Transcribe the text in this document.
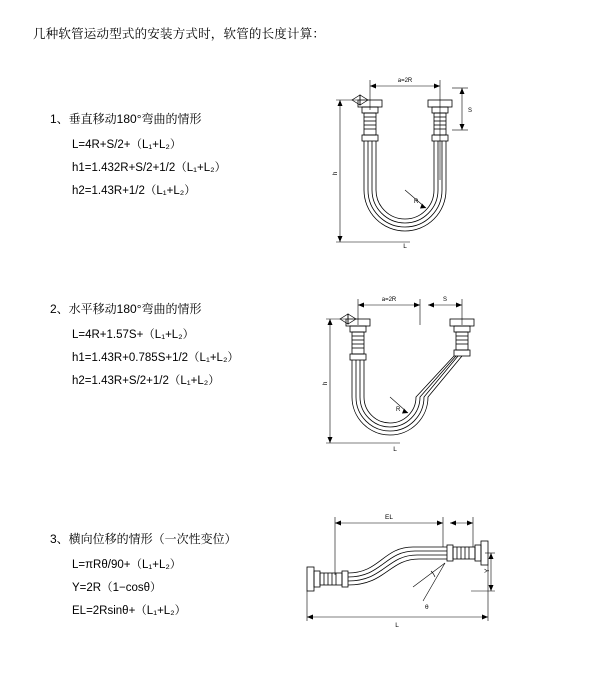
几种软管运动型式的安装方式时，软管的长度计算：
1、垂直移动180°弯曲的情形
L=4R+S/2+（L₁+L₂）
h1=1.432R+S/2+1/2（L₁+L₂）
h2=1.43R+1/2（L₁+L₂）
a=2R
R
h
S
L
2、水平移动180°弯曲的情形
L=4R+1.57S+（L₁+L₂）
h1=1.43R+0.785S+1/2（L₁+L₂）
h2=1.43R+S/2+1/2（L₁+L₂）
a=2R	S
R
h
L
3、横向位移的情形（一次性变位）
L=πRθ/90+（L₁+L₂）
Y=2R（1−cosθ）
EL=2Rsinθ+（L₁+L₂）
EL
θ
Y
L
